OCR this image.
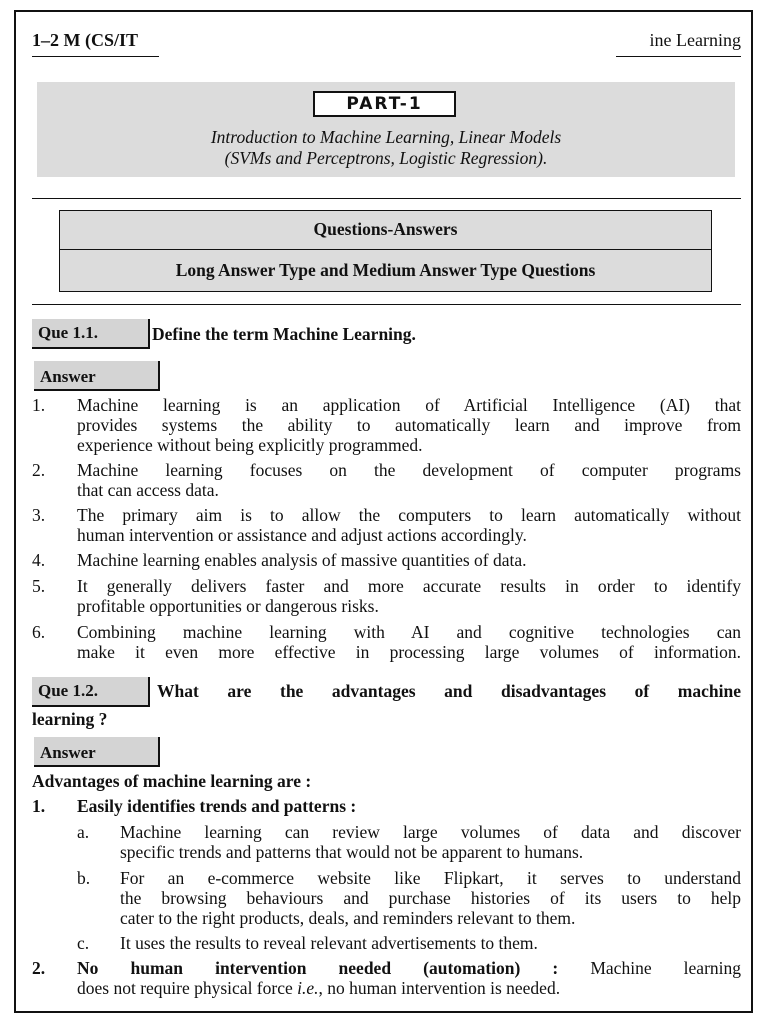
1–2 M (CS/IT	ine Learning
PART-1
Introduction to Machine Learning, Linear Models
(SVMs and Perceptrons, Logistic Regression).
Questions-Answers
Long Answer Type and Medium Answer Type Questions
Que 1.1.	Define the term Machine Learning.
Answer
1. Machine learning is an application of Artificial Intelligence (AI) that
provides systems the ability to automatically learn and improve from
experience without being explicitly programmed.
2. Machine learning focuses on the development of computer programs
that can access data.
3. The primary aim is to allow the computers to learn automatically without
human intervention or assistance and adjust actions accordingly.
4. Machine learning enables analysis of massive quantities of data.
5. It generally delivers faster and more accurate results in order to identify
profitable opportunities or dangerous risks.
6. Combining machine learning with AI and cognitive technologies can
make it even more effective in processing large volumes of information.
Que 1.2.	What are the advantages and disadvantages of machine
learning ?
Answer
Advantages of machine learning are :
1. Easily identifies trends and patterns :
a. Machine learning can review large volumes of data and discover
specific trends and patterns that would not be apparent to humans.
b. For an e-commerce website like Flipkart, it serves to understand
the browsing behaviours and purchase histories of its users to help
cater to the right products, deals, and reminders relevant to them.
c. It uses the results to reveal relevant advertisements to them.
2. No human intervention needed (automation) : Machine learning
does not require physical force i.e., no human intervention is needed.
